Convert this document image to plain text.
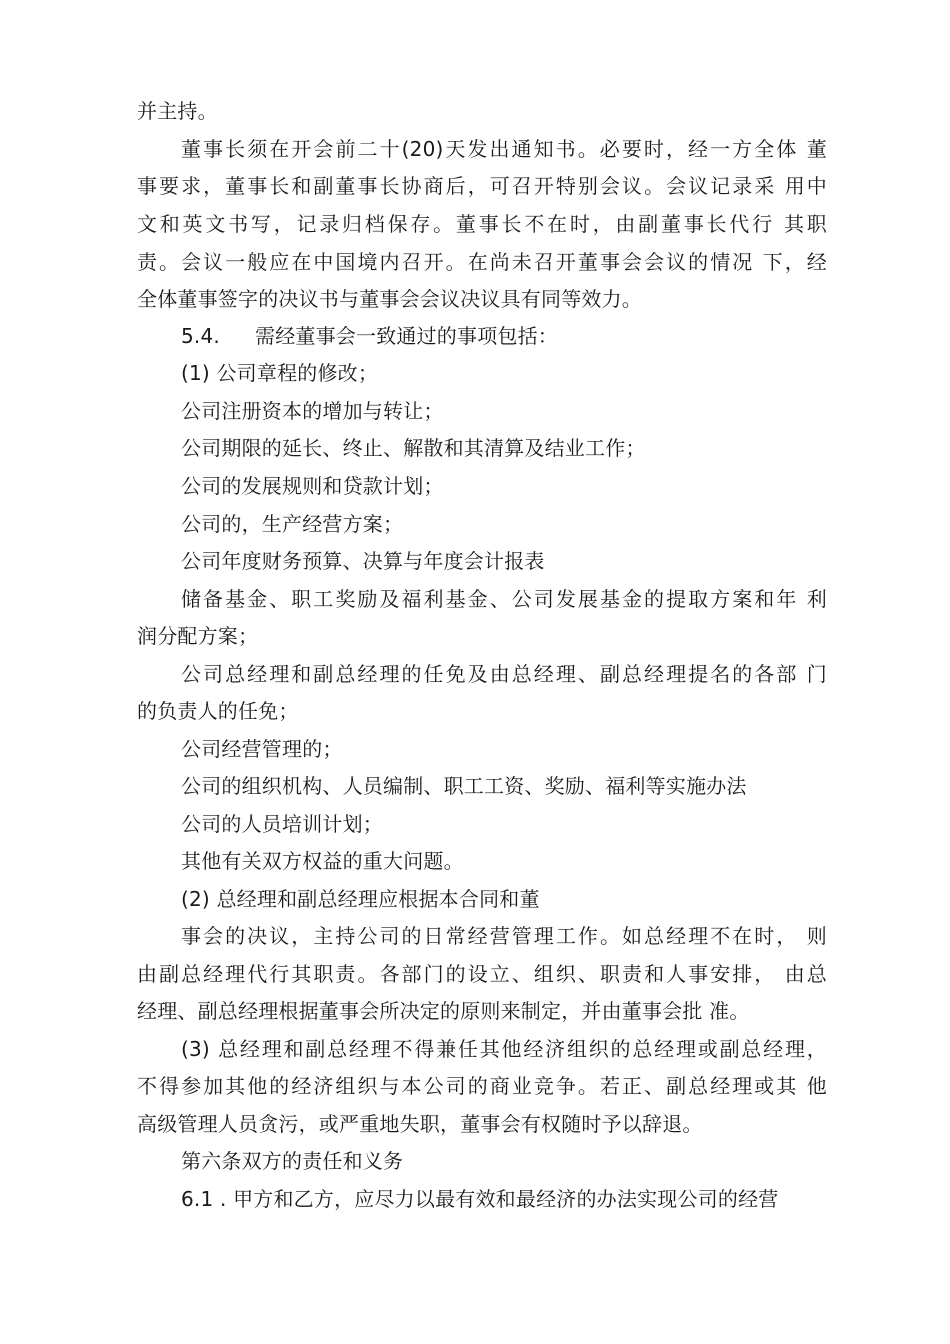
并主持。
董事长须在开会前二十(20)天发出通知书。必要时，经一方全体 董
事要求，董事长和副董事长协商后，可召开特别会议。会议记录采 用中
文和英文书写，记录归档保存。董事长不在时，由副董事长代行 其职
责。会议一般应在中国境内召开。在尚未召开董事会会议的情况 下，经
全体董事签字的决议书与董事会会议决议具有同等效力。
5.4. 需经董事会一致通过的事项包括：
(1) 公司章程的修改；
公司注册资本的增加与转让；
公司期限的延长、终止、解散和其清算及结业工作；
公司的发展规则和贷款计划；
公司的，生产经营方案；
公司年度财务预算、决算与年度会计报表
储备基金、职工奖励及福利基金、公司发展基金的提取方案和年 利
润分配方案；
公司总经理和副总经理的任免及由总经理、副总经理提名的各部 门
的负责人的任免；
公司经营管理的；
公司的组织机构、人员编制、职工工资、奖励、福利等实施办法
公司的人员培训计划；
其他有关双方权益的重大问题。
(2) 总经理和副总经理应根据本合同和董
事会的决议，主持公司的日常经营管理工作。如总经理不在时， 则
由副总经理代行其职责。各部门的设立、组织、职责和人事安排， 由总
经理、副总经理根据董事会所决定的原则来制定，并由董事会批 准。
(3) 总经理和副总经理不得兼任其他经济组织的总经理或副总经理，
不得参加其他的经济组织与本公司的商业竞争。若正、副总经理或其 他
高级管理人员贪污，或严重地失职，董事会有权随时予以辞退。
第六条双方的责任和义务
6.1 . 甲方和乙方，应尽力以最有效和最经济的办法实现公司的经营
